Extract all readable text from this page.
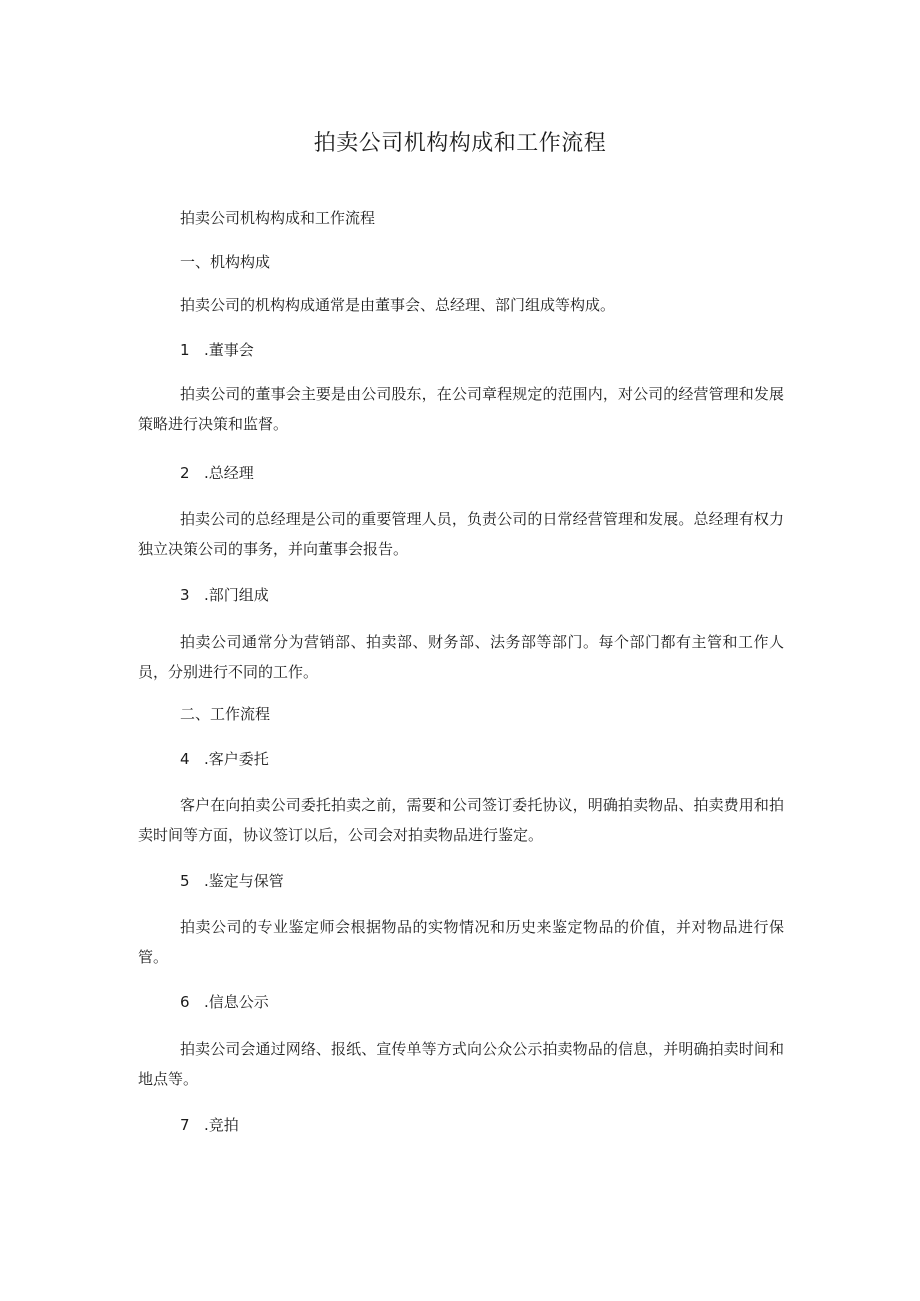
拍卖公司机构构成和工作流程
拍卖公司机构构成和工作流程
一、机构构成
拍卖公司的机构构成通常是由董事会、总经理、部门组成等构成。
1 .董事会
拍卖公司的董事会主要是由公司股东，在公司章程规定的范围内，对公司的经营管理和发展策略进行决策和监督。
2 .总经理
拍卖公司的总经理是公司的重要管理人员，负责公司的日常经营管理和发展。总经理有权力独立决策公司的事务，并向董事会报告。
3 .部门组成
拍卖公司通常分为营销部、拍卖部、财务部、法务部等部门。每个部门都有主管和工作人员，分别进行不同的工作。
二、工作流程
4 .客户委托
客户在向拍卖公司委托拍卖之前，需要和公司签订委托协议，明确拍卖物品、拍卖费用和拍卖时间等方面，协议签订以后，公司会对拍卖物品进行鉴定。
5 .鉴定与保管
拍卖公司的专业鉴定师会根据物品的实物情况和历史来鉴定物品的价值，并对物品进行保管。
6 .信息公示
拍卖公司会通过网络、报纸、宣传单等方式向公众公示拍卖物品的信息，并明确拍卖时间和地点等。
7 .竞拍
